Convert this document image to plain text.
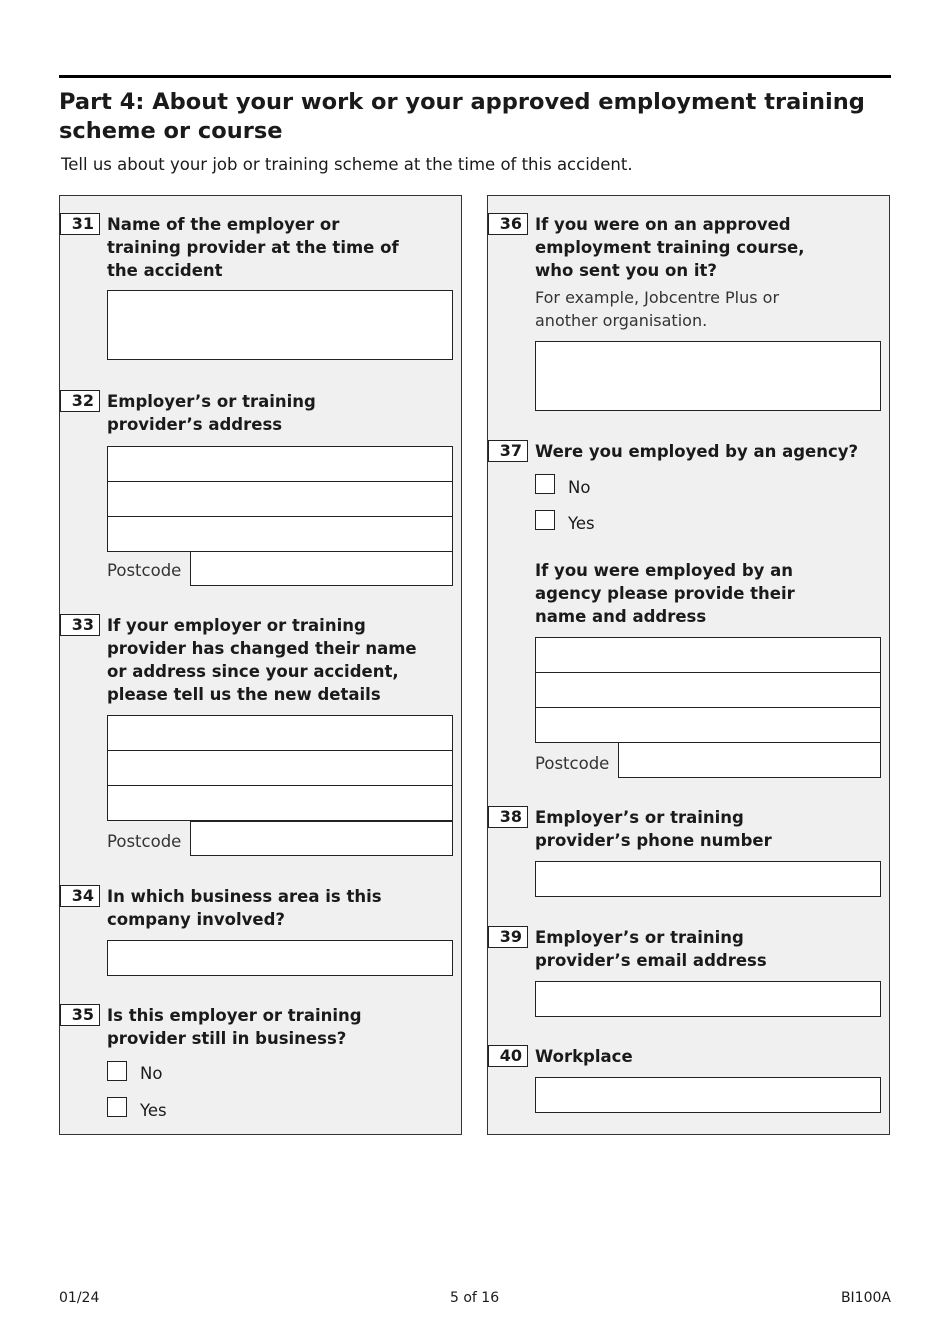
Part 4: About your work or your approved employment training scheme or course
Tell us about your job or training scheme at the time of this accident.
31 Name of the employer or training provider at the time of the accident

32 Employer’s or training provider’s address

Postcode
33 If your employer or training provider has changed their name or address since your accident, please tell us the new details

Postcode
34 In which business area is this company involved?

35 Is this employer or training provider still in business?

No
Yes
36 If you were on an approved employment training course, who sent you on it?

For example, Jobcentre Plus or another organisation.
37 Were you employed by an agency?

No
Yes

If you were employed by an agency please provide their name and address

Postcode
38 Employer’s or training provider’s phone number

39 Employer’s or training provider’s email address

40 Workplace

01/24	5 of 16	BI100A
